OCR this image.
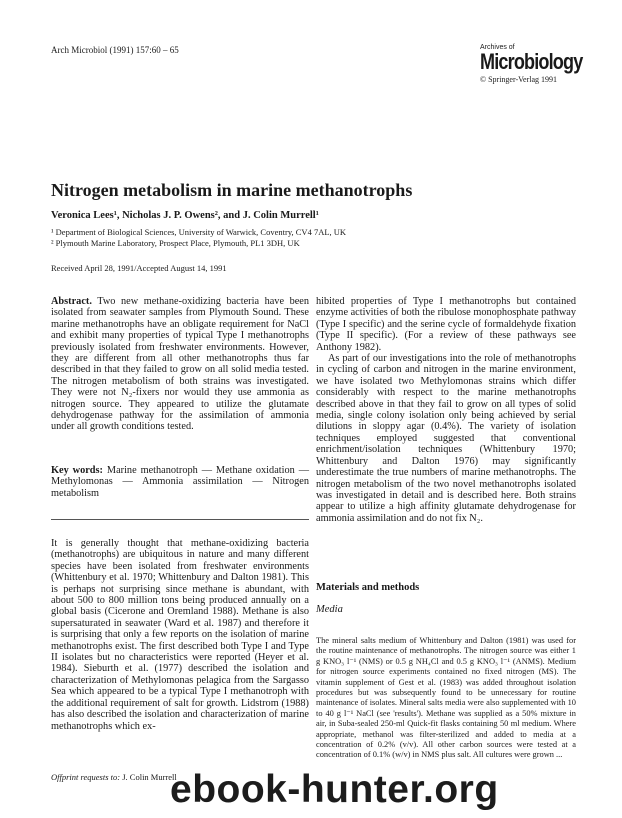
Arch Microbiol (1991) 157:60 – 65	Archives of
Microbiology
© Springer-Verlag 1991
Nitrogen metabolism in marine methanotrophs
Veronica Lees¹, Nicholas J. P. Owens², and J. Colin Murrell¹
¹ Department of Biological Sciences, University of Warwick, Coventry, CV4 7AL, UK
² Plymouth Marine Laboratory, Prospect Place, Plymouth, PL1 3DH, UK
Received April 28, 1991/Accepted August 14, 1991

Abstract. Two new methane-oxidizing bacteria have been isolated from seawater samples from Plymouth Sound. These marine methanotrophs have an obligate requirement for NaCl and exhibit many properties of typical Type I methanotrophs previously isolated from freshwater environments. However, they are different from all other methanotrophs thus far described in that they failed to grow on all solid media tested. The nitrogen metabolism of both strains was investigated. They were not N₂-fixers nor would they use ammonia as nitrogen source. They appeared to utilize the glutamate dehydrogenase pathway for the assimilation of ammonia under all growth conditions tested.

Key words: Marine methanotroph — Methane oxidation — Methylomonas — Ammonia assimilation — Nitrogen metabolism

It is generally thought that methane-oxidizing bacteria (methanotrophs) are ubiquitous in nature and many different species have been isolated from freshwater environments (Whittenbury et al. 1970; Whittenbury and Dalton 1981). This is perhaps not surprising since methane is abundant, with about 500 to 800 million tons being produced annually on a global basis (Cicerone and Oremland 1988). Methane is also supersaturated in seawater (Ward et al. 1987) and therefore it is surprising that only a few reports on the isolation of marine methanotrophs exist. The first described both Type I and Type II isolates but no characteristics were reported (Heyer et al. 1984). Sieburth et al. (1977) described the isolation and characterization of Methylomonas pelagica from the Sargasso Sea which appeared to be a typical Type I methanotroph with the additional requirement of salt for growth. Lidstrom (1988) has also described the isolation and characterization of marine methanotrophs which ex-

hibited properties of Type I methanotrophs but contained enzyme activities of both the ribulose monophosphate pathway (Type I specific) and the serine cycle of formaldehyde fixation (Type II specific). (For a review of these pathways see Anthony 1982).

As part of our investigations into the role of methanotrophs in cycling of carbon and nitrogen in the marine environment, we have isolated two Methylomonas strains which differ considerably with respect to the marine methanotrophs described above in that they fail to grow on all types of solid media, single colony isolation only being achieved by serial dilutions in sloppy agar (0.4%). The variety of isolation techniques employed suggested that conventional enrichment/isolation techniques (Whittenbury 1970; Whittenbury and Dalton 1976) may significantly underestimate the true numbers of marine methanotrophs. The nitrogen metabolism of the two novel methanotrophs isolated was investigated in detail and is described here. Both strains appear to utilize a high affinity glutamate dehydrogenase for ammonia assimilation and do not fix N₂.

Materials and methods
Media
The mineral salts medium of Whittenbury and Dalton (1981) was used for the routine maintenance of methanotrophs. The nitrogen source was either 1 g KNO₃ l⁻¹ (NMS) or 0.5 g NH₄Cl and 0.5 g KNO₃ l⁻¹ (ANMS). Medium for nitrogen source experiments contained no fixed nitrogen (MS). The vitamin supplement of Gest et al. (1983) was added throughout isolation procedures but was subsequently found to be unnecessary for routine maintenance of isolates. Mineral salts media were also supplemented with 10 to 40 g l⁻¹ NaCl (see 'results'). Methane was supplied as a 50% mixture in air, in Suba-sealed 250-ml Quick-fit flasks containing 50 ml medium. Where appropriate, methanol was filter-sterilized and added to media at a concentration of 0.2% (v/v). All other carbon sources were tested at a concentration of 0.1% (w/v) in NMS plus salt. All cultures were grown ...
Offprint requests to: J. Colin Murrell
ebook-hunter.org
